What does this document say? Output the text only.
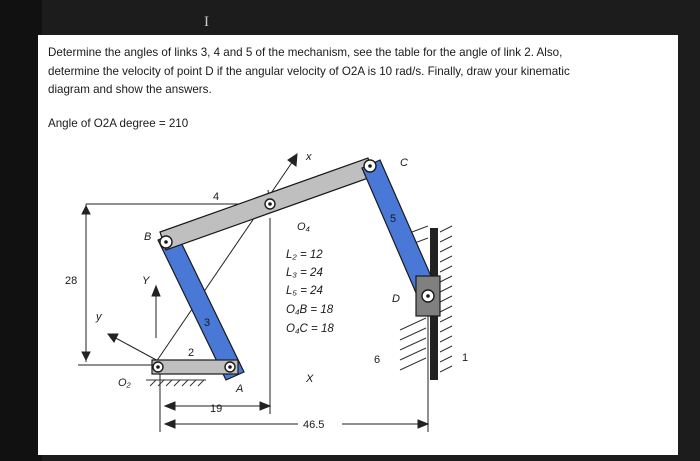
I

Determine the angles of links 3, 4 and 5 of the mechanism, see the table for the angle of link 2. Also,
determine the velocity of point D if the angular velocity of O2A is 10 rad/s. Finally, draw your kinematic
diagram and show the answers.

Angle of O2A degree = 210
4
5
3
2
6	1
B
C
A
D
O₂
O₄
x
X
y
Y
28
19
46.5
L₂ = 12
L₃ = 24
L₅ = 24
O₄B = 18
O₄C = 18
